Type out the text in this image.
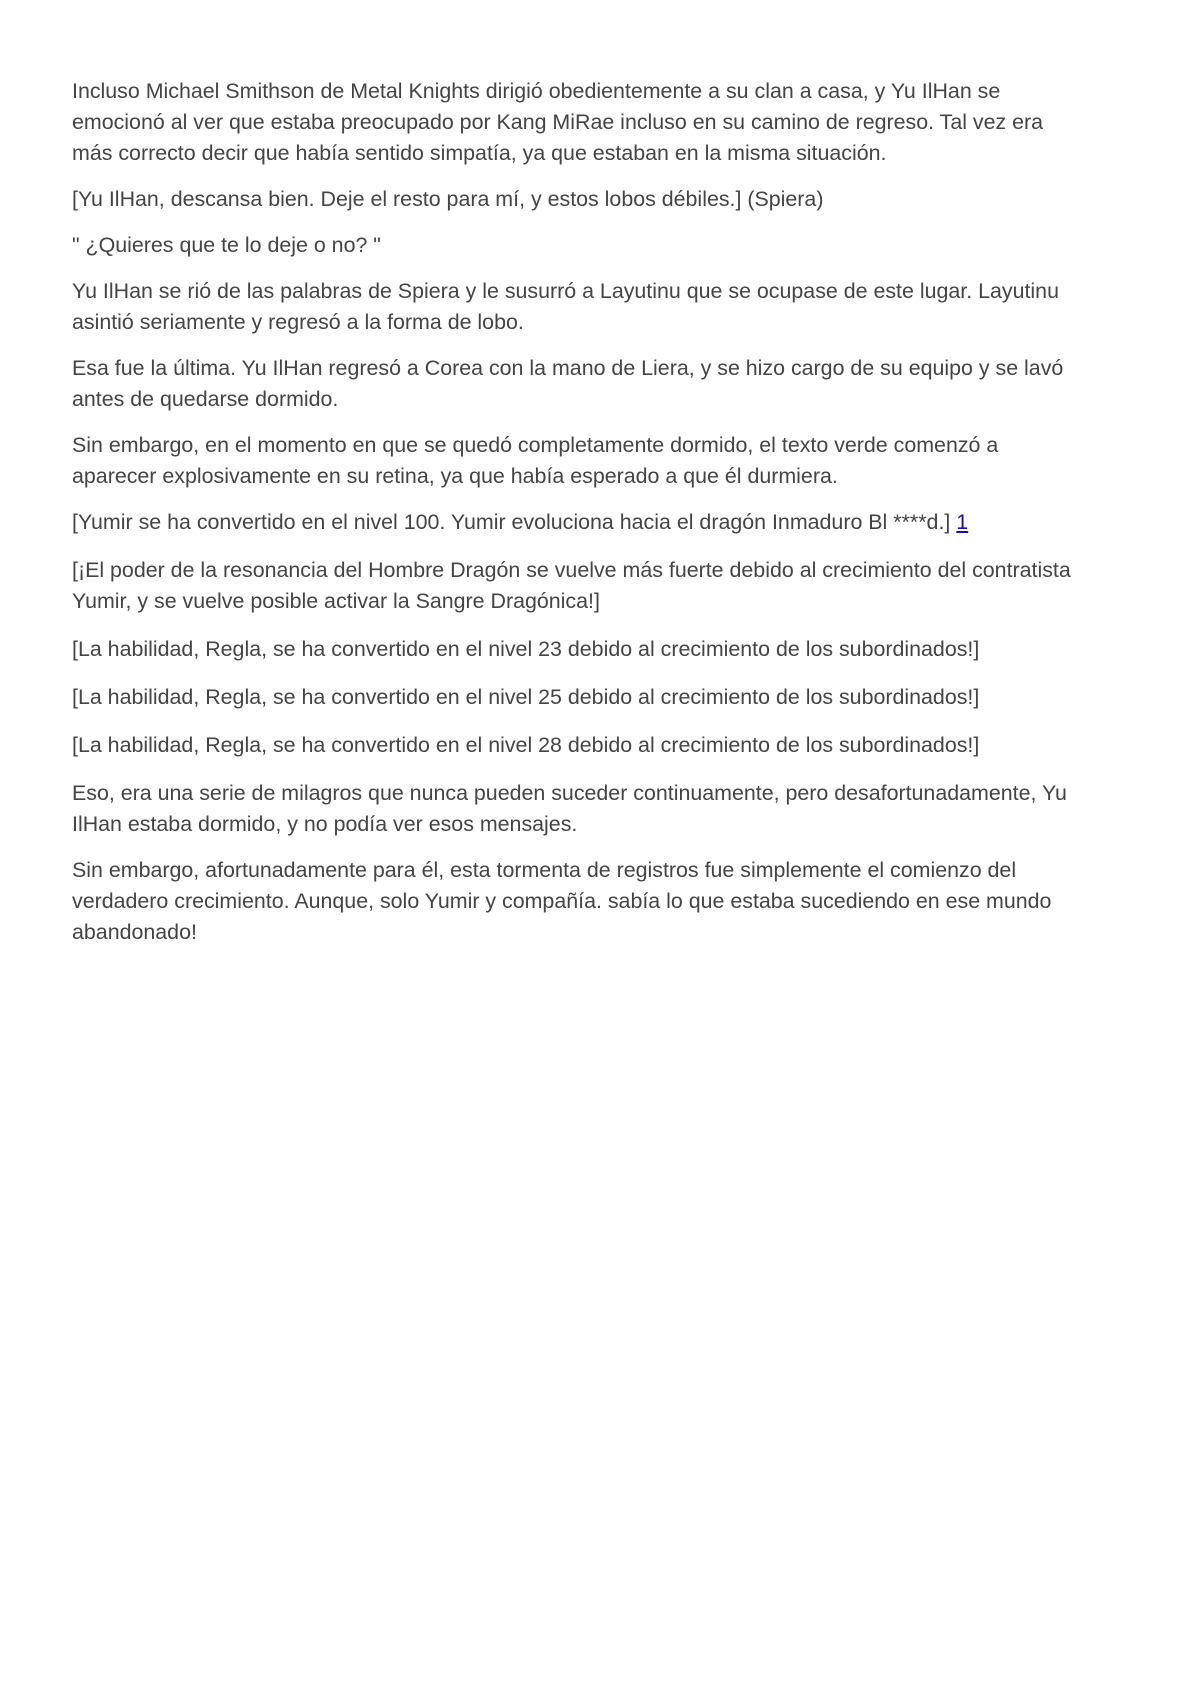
Incluso Michael Smithson de Metal Knights dirigió obedientemente a su clan a casa, y Yu IlHan se emocionó al ver que estaba preocupado por Kang MiRae incluso en su camino de regreso. Tal vez era más correcto decir que había sentido simpatía, ya que estaban en la misma situación.

[Yu IlHan, descansa bien. Deje el resto para mí, y estos lobos débiles.] (Spiera)

" ¿Quieres que te lo deje o no? "

Yu IlHan se rió de las palabras de Spiera y le susurró a Layutinu que se ocupase de este lugar. Layutinu asintió seriamente y regresó a la forma de lobo.

Esa fue la última. Yu IlHan regresó a Corea con la mano de Liera, y se hizo cargo de su equipo y se lavó antes de quedarse dormido.

Sin embargo, en el momento en que se quedó completamente dormido, el texto verde comenzó a aparecer explosivamente en su retina, ya que había esperado a que él durmiera.

[Yumir se ha convertido en el nivel 100. Yumir evoluciona hacia el dragón Inmaduro Bl ****d.] 1

[¡El poder de la resonancia del Hombre Dragón se vuelve más fuerte debido al crecimiento del contratista Yumir, y se vuelve posible activar la Sangre Dragónica!]

[La habilidad, Regla, se ha convertido en el nivel 23 debido al crecimiento de los subordinados!]

[La habilidad, Regla, se ha convertido en el nivel 25 debido al crecimiento de los subordinados!]

[La habilidad, Regla, se ha convertido en el nivel 28 debido al crecimiento de los subordinados!]

Eso, era una serie de milagros que nunca pueden suceder continuamente, pero desafortunadamente, Yu IlHan estaba dormido, y no podía ver esos mensajes.

Sin embargo, afortunadamente para él, esta tormenta de registros fue simplemente el comienzo del verdadero crecimiento. Aunque, solo Yumir y compañía. sabía lo que estaba sucediendo en ese mundo abandonado!
